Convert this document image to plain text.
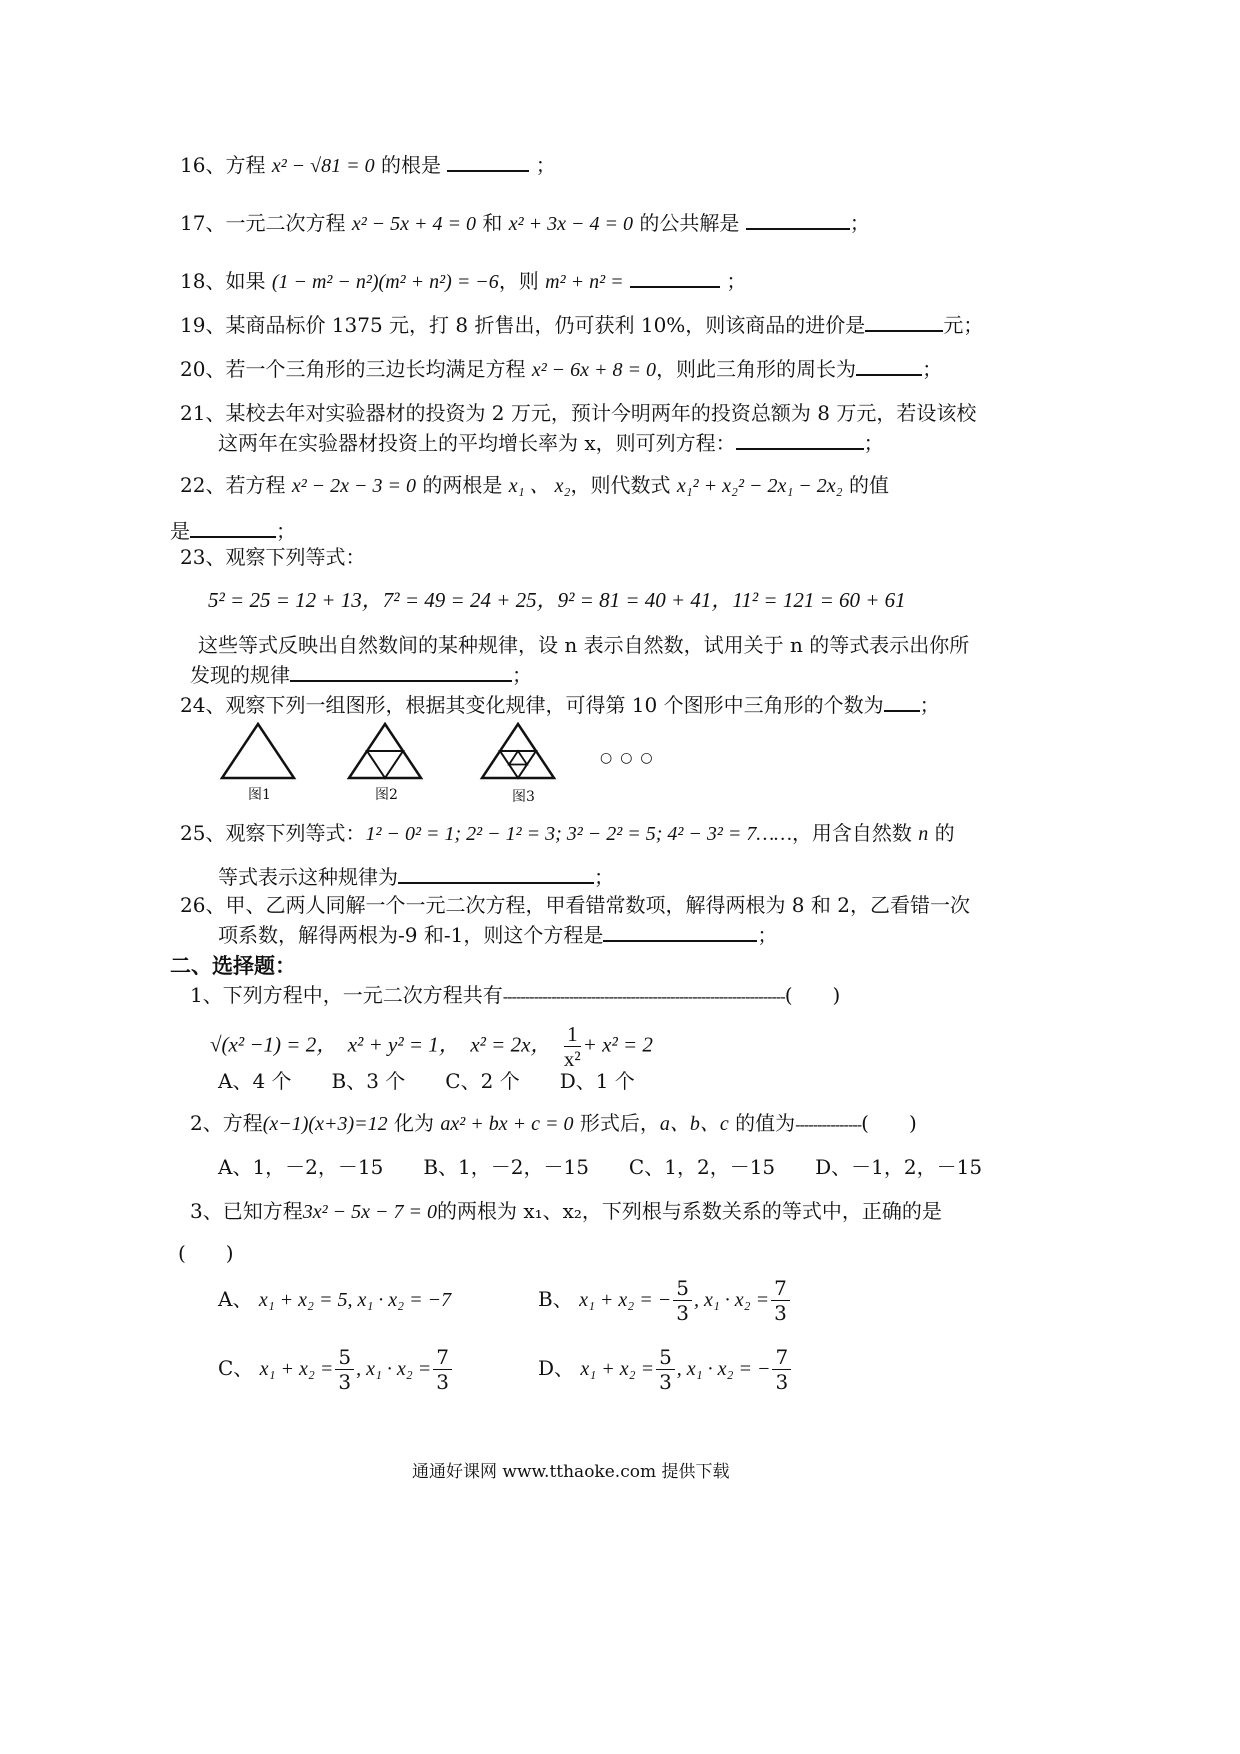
16、方程 x² − √81 = 0 的根是	；
17、一元二次方程 x² − 5x + 4 = 0 和 x² + 3x − 4 = 0 的公共解是	；
18、如果 (1 − m² − n²)(m² + n²) = −6，则 m² + n² =	；
19、某商品标价 1375 元，打 8 折售出，仍可获利 10%，则该商品的进价是	元；
20、若一个三角形的三边长均满足方程 x² − 6x + 8 = 0，则此三角形的周长为	；
21、某校去年对实验器材的投资为 2 万元，预计今明两年的投资总额为 8 万元，若设该校
这两年在实验器材投资上的平均增长率为 x，则可列方程：	；
22、若方程 x² − 2x − 3 = 0 的两根是 x₁ 、 x₂，则代数式 x₁² + x₂² − 2x₁ − 2x₂ 的值
是	；
23、观察下列等式：
5² = 25 = 12 + 13，7² = 49 = 24 + 25，9² = 81 = 40 + 41，11² = 121 = 60 + 61
这些等式反映出自然数间的某种规律，设 n 表示自然数，试用关于 n 的等式表示出你所
发现的规律	；
24、观察下列一组图形，根据其变化规律，可得第 10 个图形中三角形的个数为 ；
图1	图2	图3
○○○
25、观察下列等式：1² − 0² = 1; 2² − 1² = 3; 3² − 2² = 5; 4² − 3² = 7……，用含自然数 n 的
等式表示这种规律为	；
26、甲、乙两人同解一个一元二次方程，甲看错常数项，解得两根为 8 和 2，乙看错一次
项系数，解得两根为-9 和-1，则这个方程是	；
二、选择题：
1、下列方程中，一元二次方程共有----------------------------------------------------------------(　　)
√(x² −1) = 2， x² + y² = 1， x² = 2x， $\frac{1}{\text{x²}} + x^2 = 2$
A、4 个　　B、3 个　　C、2 个　　D、1 个
2、方程(x−1)(x+3)=12 化为 ax² + bx + c = 0 形式后，a、b、c 的值为---------------(　　)
A、1，－2，－15　　B、1，－2，－15　　C、1，2，－15　　D、－1，2，－15
3、已知方程3x² − 5x − 7 = 0的两根为 x₁、x₂，下列根与系数关系的等式中，正确的是
(　　)
A、 x₁ + x₂ = 5, x₁ · x₂ = −7	B、 x₁ + x₂ = − $\frac{5}{3}$ , $x_1 \cdot x_2 = \frac{7}{3}$
C、 $x_1 + x_2 = \frac{5}{3}$ , $x_1 \cdot x_2 = \frac{7}{3}$	D、 $x_1 + x_2 = \frac{5}{3}$ , x₁ · x₂ = − $\frac{7}{3}$
通通好课网 www.tthaoke.com 提供下载
